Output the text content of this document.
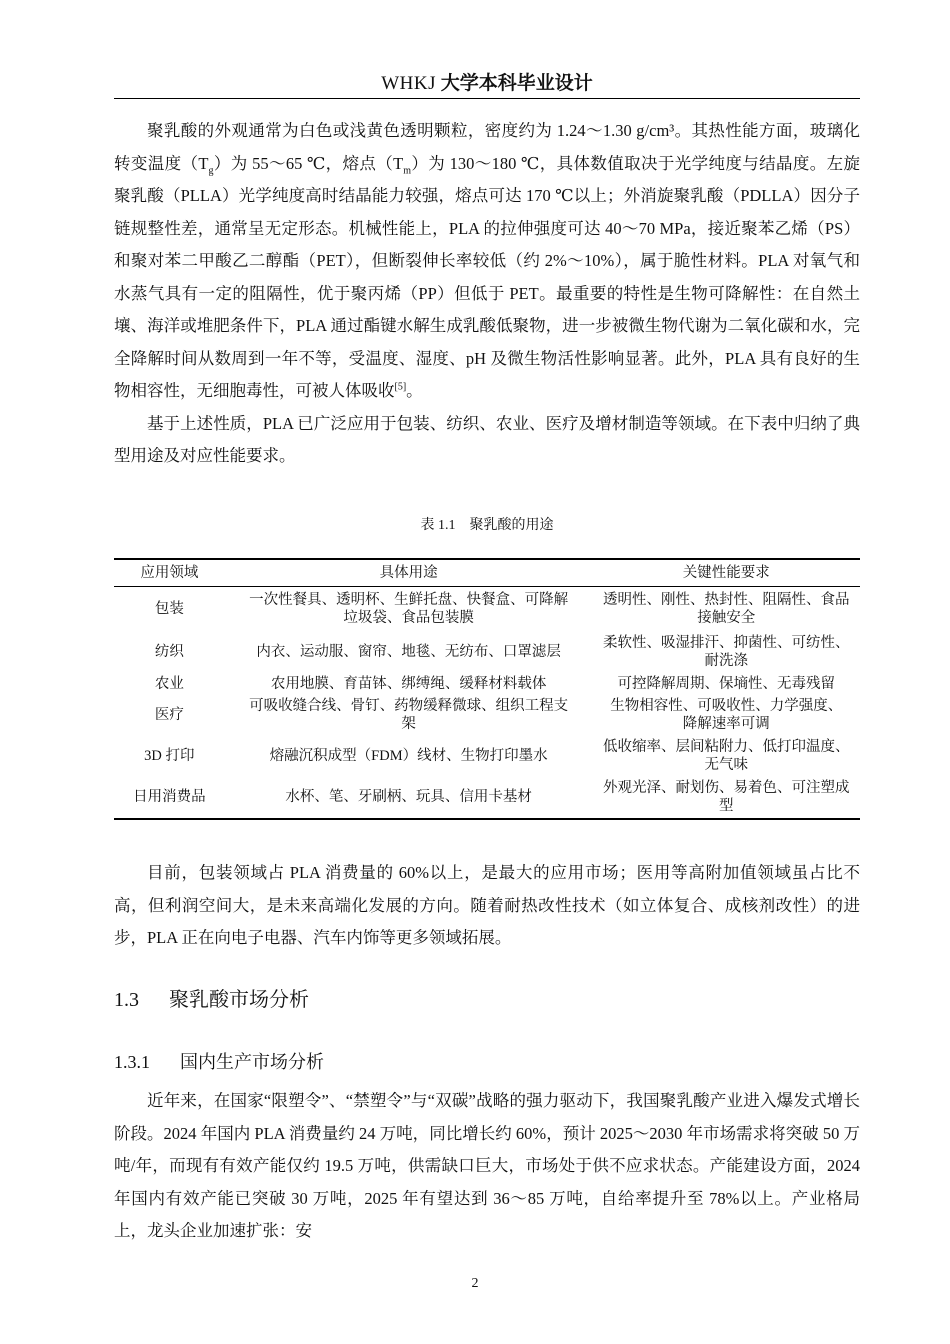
WHKJ 大学本科毕业设计

聚乳酸的外观通常为白色或浅黄色透明颗粒，密度约为 1.24～1.30 g/cm³。其热性能方面，玻璃化转变温度$(T_g)$为 55～65 ℃，熔点$(T_m)$为 130～180 ℃，具体数值取决于光学纯度与结晶度。左旋聚乳酸（PLLA）光学纯度高时结晶能力较强，熔点可达 170 ℃以上；外消旋聚乳酸（PDLLA）因分子链规整性差，通常呈无定形态。机械性能上，PLA 的拉伸强度可达 40～70 MPa，接近聚苯乙烯（PS）和聚对苯二甲酸乙二醇酯（PET），但断裂伸长率较低（约 2%～10%），属于脆性材料。PLA 对氧气和水蒸气具有一定的阻隔性，优于聚丙烯（PP）但低于 PET。最重要的特性是生物可降解性：在自然土壤、海洋或堆肥条件下，PLA 通过酯键水解生成乳酸低聚物，进一步被微生物代谢为二氧化碳和水，完全降解时间从数周到一年不等，受温度、湿度、pH 及微生物活性影响显著。此外，PLA 具有良好的生物相容性，无细胞毒性，可被人体吸收[5]。

基于上述性质，PLA 已广泛应用于包装、纺织、农业、医疗及增材制造等领域。在下表中归纳了典型用途及对应性能要求。

表 1.1　聚乳酸的用途
应用领域	具体用途	关键性能要求
包装	一次性餐具、透明杯、生鲜托盘、快餐盒、可降解垃圾袋、食品包装膜	透明性、刚性、热封性、阻隔性、食品接触安全
纺织	内衣、运动服、窗帘、地毯、无纺布、口罩滤层	柔软性、吸湿排汗、抑菌性、可纺性、耐洗涤
农业	农用地膜、育苗钵、绑缚绳、缓释材料载体	可控降解周期、保墒性、无毒残留
医疗	可吸收缝合线、骨钉、药物缓释微球、组织工程支架	生物相容性、可吸收性、力学强度、降解速率可调
3D 打印	熔融沉积成型（FDM）线材、生物打印墨水	低收缩率、层间粘附力、低打印温度、无气味
日用消费品	水杯、笔、牙刷柄、玩具、信用卡基材	外观光泽、耐划伤、易着色、可注塑成型

目前，包装领域占 PLA 消费量的 60%以上，是最大的应用市场；医用等高附加值领域虽占比不高，但利润空间大，是未来高端化发展的方向。随着耐热改性技术（如立体复合、成核剂改性）的进步，PLA 正在向电子电器、汽车内饰等更多领域拓展。

1.3 聚乳酸市场分析
1.3.1 国内生产市场分析

近年来，在国家“限塑令”、“禁塑令”与“双碳”战略的强力驱动下，我国聚乳酸产业进入爆发式增长阶段。2024 年国内 PLA 消费量约 24 万吨，同比增长约 60%，预计 2025～2030 年市场需求将突破 50 万吨/年，而现有有效产能仅约 19.5 万吨，供需缺口巨大，市场处于供不应求状态。产能建设方面，2024 年国内有效产能已突破 30 万吨，2025 年有望达到 36～85 万吨，自给率提升至 78%以上。产业格局上，龙头企业加速扩张：安

2
